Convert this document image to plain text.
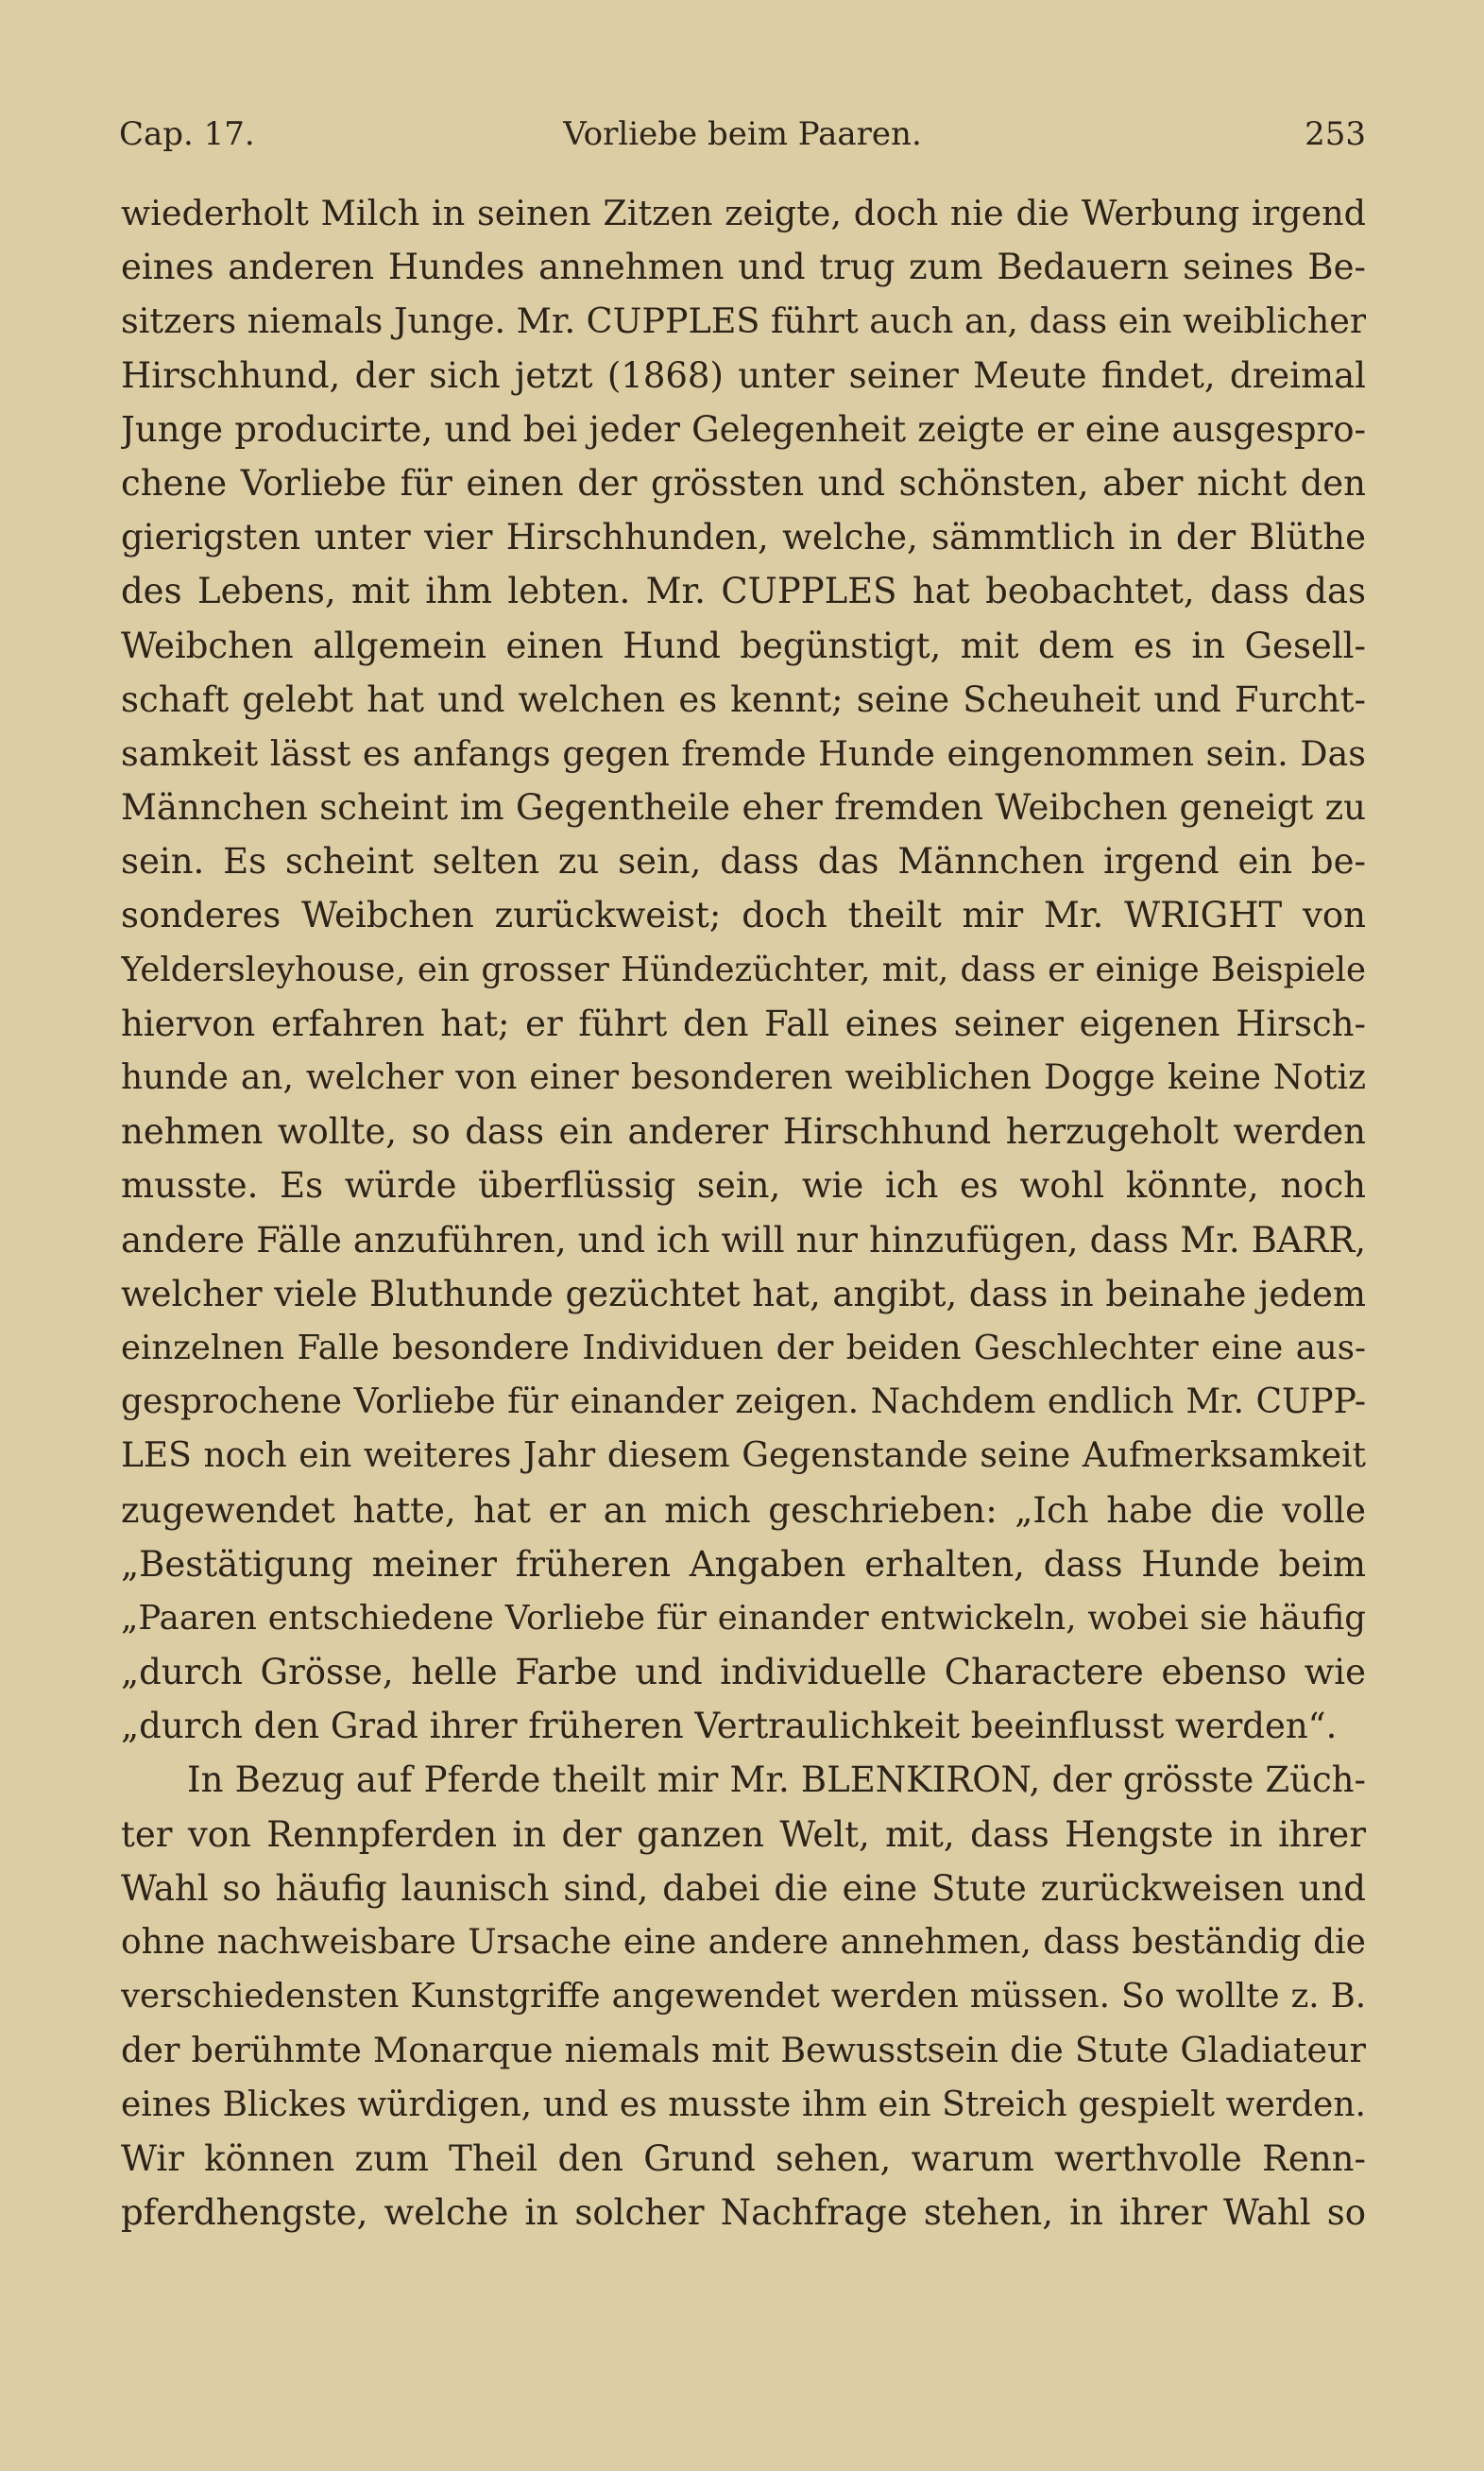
Cap. 17.	Vorliebe beim Paaren.	253
wiederholt Milch in seinen Zitzen zeigte, doch nie die Werbung irgend
eines anderen Hundes annehmen und trug zum Bedauern seines Be-
sitzers niemals Junge. Mr. CUPPLES führt auch an, dass ein weiblicher
Hirschhund, der sich jetzt (1868) unter seiner Meute findet, dreimal
Junge producirte, und bei jeder Gelegenheit zeigte er eine ausgespro-
chene Vorliebe für einen der grössten und schönsten, aber nicht den
gierigsten unter vier Hirschhunden, welche, sämmtlich in der Blüthe
des Lebens, mit ihm lebten. Mr. CUPPLES hat beobachtet, dass das
Weibchen allgemein einen Hund begünstigt, mit dem es in Gesell-
schaft gelebt hat und welchen es kennt; seine Scheuheit und Furcht-
samkeit lässt es anfangs gegen fremde Hunde eingenommen sein. Das
Männchen scheint im Gegentheile eher fremden Weibchen geneigt zu
sein. Es scheint selten zu sein, dass das Männchen irgend ein be-
sonderes Weibchen zurückweist; doch theilt mir Mr. WRIGHT von
Yeldersleyhouse, ein grosser Hündezüchter, mit, dass er einige Beispiele
hiervon erfahren hat; er führt den Fall eines seiner eigenen Hirsch-
hunde an, welcher von einer besonderen weiblichen Dogge keine Notiz
nehmen wollte, so dass ein anderer Hirschhund herzugeholt werden
musste. Es würde überflüssig sein, wie ich es wohl könnte, noch
andere Fälle anzuführen, und ich will nur hinzufügen, dass Mr. BARR,
welcher viele Bluthunde gezüchtet hat, angibt, dass in beinahe jedem
einzelnen Falle besondere Individuen der beiden Geschlechter eine aus-
gesprochene Vorliebe für einander zeigen. Nachdem endlich Mr. CUPP-
LES noch ein weiteres Jahr diesem Gegenstande seine Aufmerksamkeit
zugewendet hatte, hat er an mich geschrieben: „Ich habe die volle
„Bestätigung meiner früheren Angaben erhalten, dass Hunde beim
„Paaren entschiedene Vorliebe für einander entwickeln, wobei sie häufig
„durch Grösse, helle Farbe und individuelle Charactere ebenso wie
„durch den Grad ihrer früheren Vertraulichkeit beeinflusst werden“.
In Bezug auf Pferde theilt mir Mr. BLENKIRON, der grösste Züch-
ter von Rennpferden in der ganzen Welt, mit, dass Hengste in ihrer
Wahl so häufig launisch sind, dabei die eine Stute zurückweisen und
ohne nachweisbare Ursache eine andere annehmen, dass beständig die
verschiedensten Kunstgriffe angewendet werden müssen. So wollte z. B.
der berühmte Monarque niemals mit Bewusstsein die Stute Gladiateur
eines Blickes würdigen, und es musste ihm ein Streich gespielt werden.
Wir können zum Theil den Grund sehen, warum werthvolle Renn-
pferdhengste, welche in solcher Nachfrage stehen, in ihrer Wahl so
